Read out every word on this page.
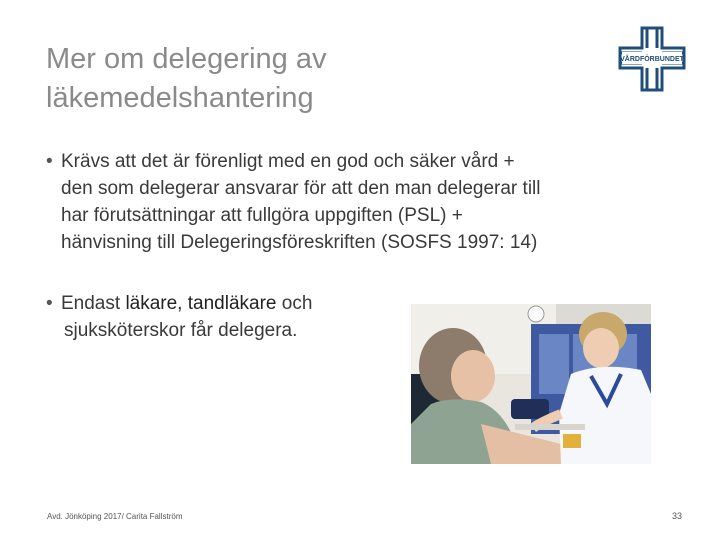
Mer om delegering av
läkemedelshantering
VÅRDFÖRBUNDET
• Krävs att det är förenligt med en god och säker vård +
den som delegerar ansvarar för att den man delegerar till
har förutsättningar att fullgöra uppgiften (PSL) +
hänvisning till Delegeringsföreskriften (SOSFS 1997: 14)
• Endast läkare, tandläkare och
sjuksköterskor får delegera.
Avd. Jönköping 2017/ Carita Fallström	33
